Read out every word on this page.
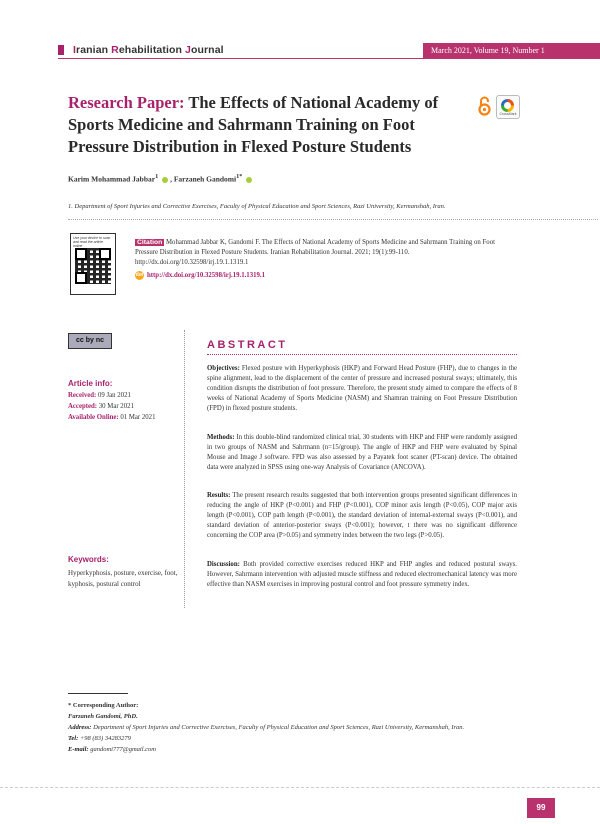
Iranian Rehabilitation Journal	March 2021, Volume 19, Number 1
Research Paper: The Effects of National Academy of Sports Medicine and Sahrmann Training on Foot Pressure Distribution in Flexed Posture Students
CrossMark
Karim Mohammad Jabbar$^1$ , Farzaneh Gandomi$^{1*}$
1. Department of Sport Injuries and Corrective Exercises, Faculty of Physical Education and Sport Sciences, Razi University, Kermanshah, Iran.
Use your device to scan and read the article online	Citation Mohammad Jabbar K, Gandomi F. The Effects of National Academy of Sports Medicine and Sahrmann Training on Foot Pressure Distribution in Flexed Posture Students. Iranian Rehabilitation Journal. 2021; 19(1):99-110. http://dx.doi.org/10.32598/irj.19.1.1319.1
doi http://dx.doi.org/10.32598/irj.19.1.1319.1
cc by nc
Article info:
Received: 09 Jan 2021
Accepted: 30 Mar 2021
Available Online: 01 Mar 2021
Keywords:
Hyperkyphosis, posture, exercise, foot, kyphosis, postural control
ABSTRACT
Objectives: Flexed posture with Hyperkyphosis (HKP) and Forward Head Posture (FHP), due to changes in the spine alignment, lead to the displacement of the center of pressure and increased postural sways; ultimately, this condition disrupts the distribution of foot pressure. Therefore, the present study aimed to compare the effects of 8 weeks of National Academy of Sports Medicine (NASM) and Shamran training on Foot Pressure Distribution (FPD) in flexed posture students.
Methods: In this double-blind randomized clinical trial, 30 students with HKP and FHP were randomly assigned in two groups of NASM and Sahrmann (n=15/group). The angle of HKP and FHP were evaluated by Spinal Mouse and Image J software. FPD was also assessed by a Payatek foot scaner (PT-scan) device. The obtained data were analyzed in SPSS using one-way Analysis of Covariance (ANCOVA).
Results: The present research results suggested that both intervention groups presented significant differences in reducing the angle of HKP (P<0.001) and FHP (P<0.001), COP minor axis length (P<0.05), COP major axis length (P<0.001), COP path length (P<0.001), the standard deviation of internal-external sways (P<0.001), and standard deviation of anterior-posterior sways (P<0.001); however, t there was no significant difference concerning the COP area (P>0.05) and symmetry index between the two legs (P>0.05).
Discussion: Both provided corrective exercises reduced HKP and FHP angles and reduced postural sways. However, Sahrmann intervention with adjusted muscle stiffness and reduced electromechanical latency was more effective than NASM exercises in improving postural control and foot pressure symmetry index.
* Corresponding Author:
Farzaneh Gandomi, PhD.
Address: Department of Sport Injuries and Corrective Exercises, Faculty of Physical Education and Sport Sciences, Razi University, Kermanshah, Iran.
Tel: +98 (83) 34283279
E-mail: gandomi777@gmail.com
99
